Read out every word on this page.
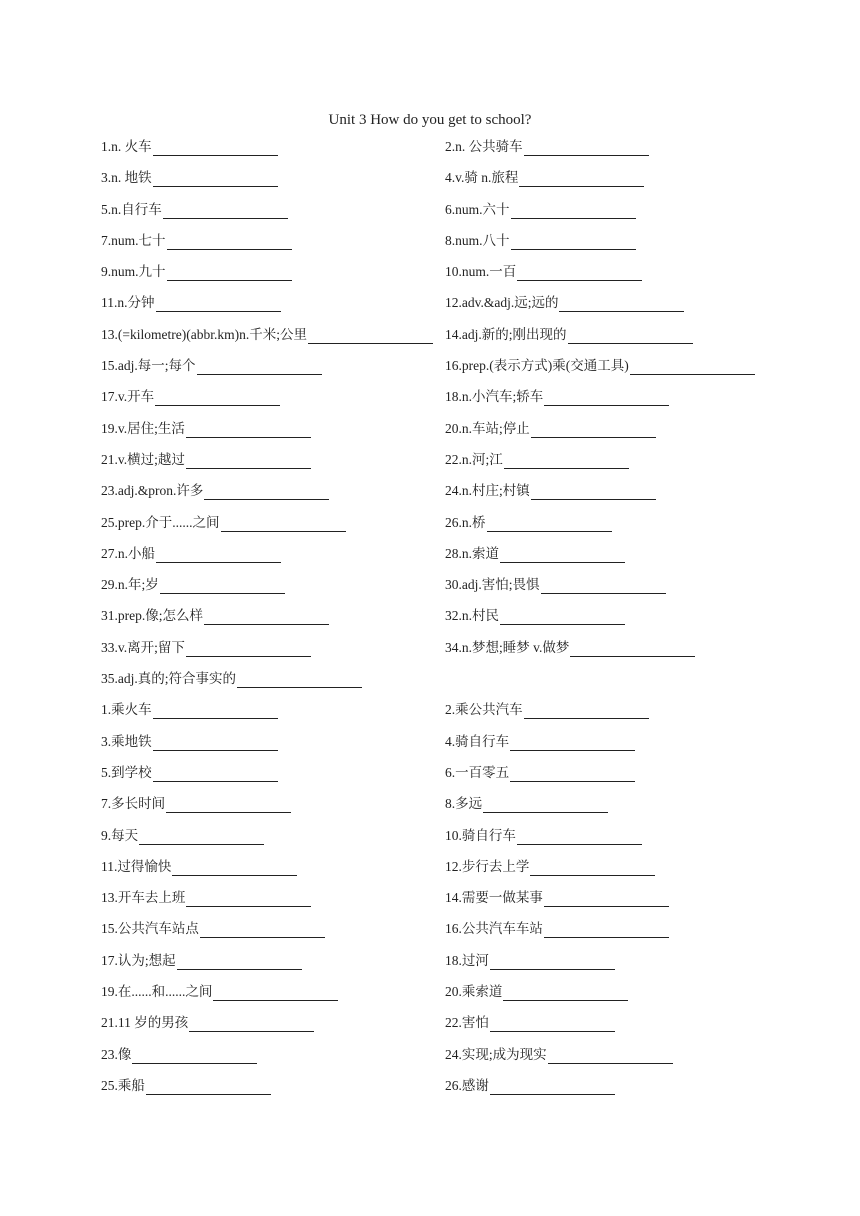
Unit 3 How do you get to school?
1.n. 火车	2.n. 公共骑车
3.n. 地铁	4.v.骑 n.旅程
5.n.自行车	6.num.六十
7.num.七十	8.num.八十
9.num.九十	10.num.一百
11.n.分钟	12.adv.&adj.远;远的
13.(=kilometre)(abbr.km)n.千米;公里	14.adj.新的;刚出现的
15.adj.每一;每个	16.prep.(表示方式)乘(交通工具)
17.v.开车	18.n.小汽车;轿车
19.v.居住;生活	20.n.车站;停止
21.v.横过;越过	22.n.河;江
23.adj.&pron.许多	24.n.村庄;村镇
25.prep.介于......之间	26.n.桥
27.n.小船	28.n.索道
29.n.年;岁	30.adj.害怕;畏惧
31.prep.像;怎么样	32.n.村民
33.v.离开;留下	34.n.梦想;睡梦 v.做梦
35.adj.真的;符合事实的
1.乘火车	2.乘公共汽车
3.乘地铁	4.骑自行车
5.到学校	6.一百零五
7.多长时间	8.多远
9.每天	10.骑自行车
11.过得愉快	12.步行去上学
13.开车去上班	14.需要一做某事
15.公共汽车站点	16.公共汽车车站
17.认为;想起	18.过河
19.在......和......之间	20.乘索道
21.11 岁的男孩	22.害怕
23.像	24.实现;成为现实
25.乘船	26.感谢
